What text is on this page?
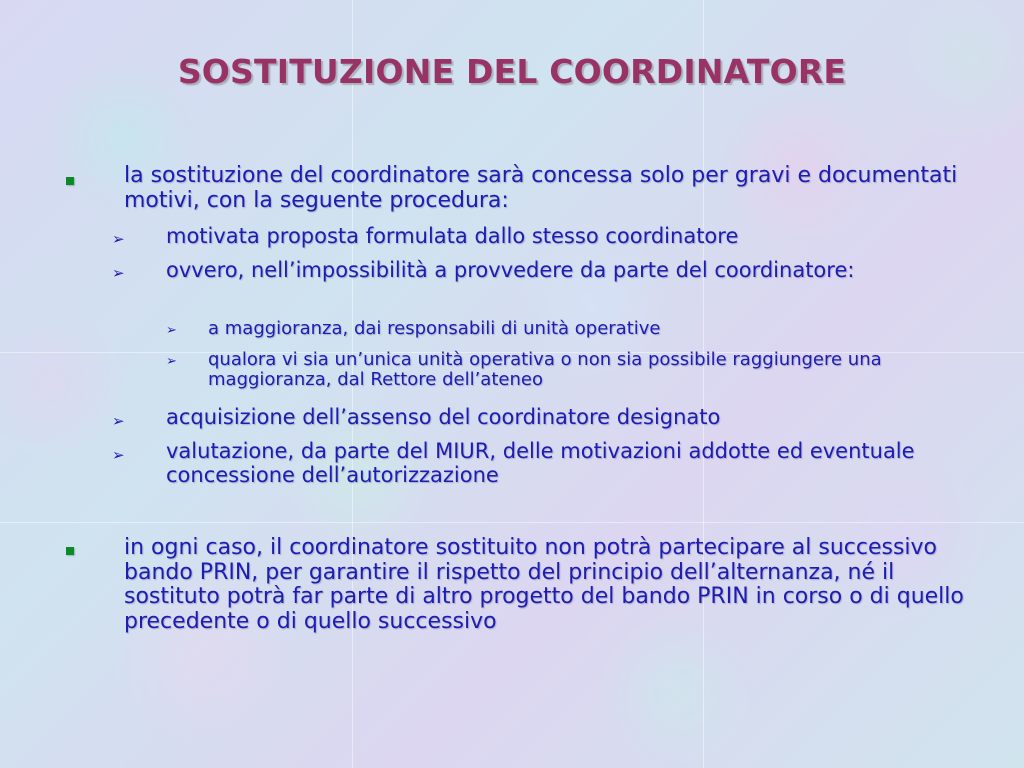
SOSTITUZIONE DEL COORDINATORE
la sostituzione del coordinatore sarà concessa solo per gravi e documentati motivi, con la seguente procedura:
➢ motivata proposta formulata dallo stesso coordinatore
➢ ovvero, nell’impossibilità a provvedere da parte del coordinatore:
➢ a maggioranza, dai responsabili di unità operative
➢ qualora vi sia un’unica unità operativa o non sia possibile raggiungere una maggioranza, dal Rettore dell’ateneo
➢ acquisizione dell’assenso del coordinatore designato
➢ valutazione, da parte del MIUR, delle motivazioni addotte ed eventuale concessione dell’autorizzazione
in ogni caso, il coordinatore sostituito non potrà partecipare al successivo bando PRIN, per garantire il rispetto del principio dell’alternanza, né il sostituto potrà far parte di altro progetto del bando PRIN in corso o di quello precedente o di quello successivo
